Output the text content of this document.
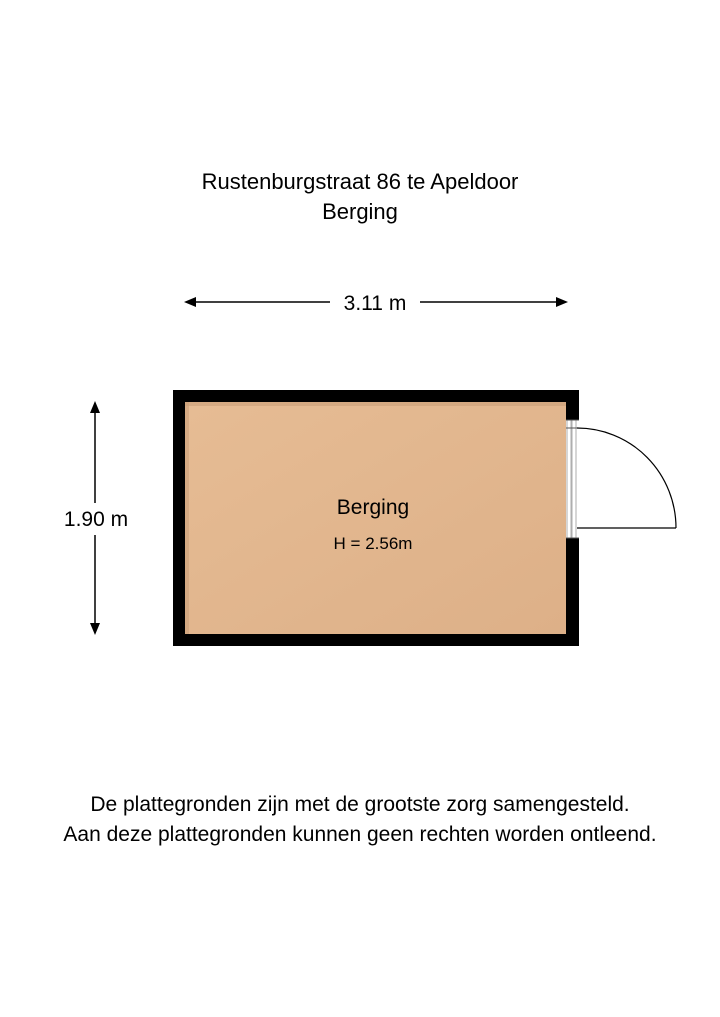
Rustenburgstraat 86 te Apeldoor
Berging
3.11 m
1.90 m
Berging
H = 2.56m
De plattegronden zijn met de grootste zorg samengesteld.
Aan deze plattegronden kunnen geen rechten worden ontleend.
